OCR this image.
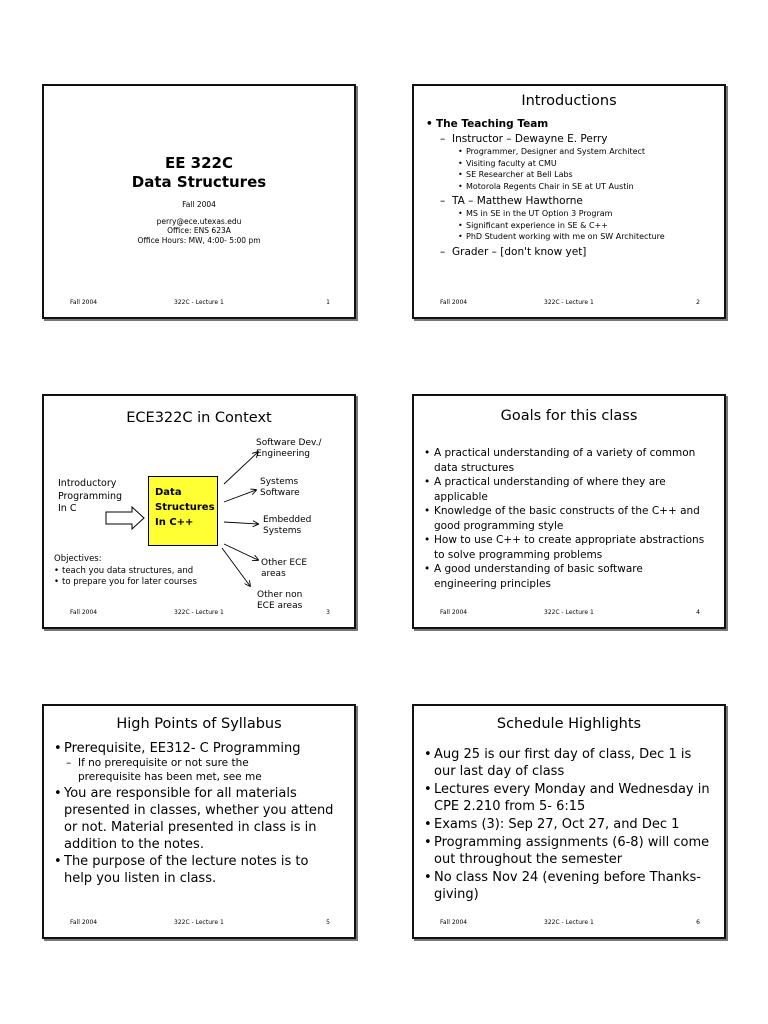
EE 322C
Data Structures
Fall 2004
perry@ece.utexas.edu
Office: ENS 623A
Office Hours: MW, 4:00- 5:00 pm
Fall 2004	322C - Lecture 1	1
Introductions
• The Teaching Team
– Instructor – Dewayne E. Perry
• Programmer, Designer and System Architect
• Visiting faculty at CMU
• SE Researcher at Bell Labs
• Motorola Regents Chair in SE at UT Austin
– TA – Matthew Hawthorne
• MS in SE in the UT Option 3 Program
• Significant experience in SE & C++
• PhD Student working with me on SW Architecture
– Grader – [don't know yet]
Fall 2004	322C - Lecture 1	2
ECE322C in Context
Introductory
Programming
In C
Data
Structures
In C++
Software Dev./
Engineering
Systems
Software
Embedded
Systems
Other ECE
areas
Other non
ECE areas
Objectives:
• teach you data structures, and
• to prepare you for later courses
Fall 2004	322C - Lecture 1	3
Goals for this class
• A practical understanding of a variety of common
data structures
• A practical understanding of where they are
applicable
• Knowledge of the basic constructs of the C++ and
good programming style
• How to use C++ to create appropriate abstractions
to solve programming problems
• A good understanding of basic software
engineering principles
Fall 2004	322C - Lecture 1	4
High Points of Syllabus
• Prerequisite, EE312- C Programming
– If no prerequisite or not sure the
prerequisite has been met, see me
• You are responsible for all materials
presented in classes, whether you attend
or not. Material presented in class is in
addition to the notes.
• The purpose of the lecture notes is to
help you listen in class.
Fall 2004	322C - Lecture 1	5
Schedule Highlights
• Aug 25 is our first day of class, Dec 1 is
our last day of class
• Lectures every Monday and Wednesday in
CPE 2.210 from 5- 6:15
• Exams (3): Sep 27, Oct 27, and Dec 1
• Programming assignments (6-8) will come
out throughout the semester
• No class Nov 24 (evening before Thanks-
giving)
Fall 2004	322C - Lecture 1	6
